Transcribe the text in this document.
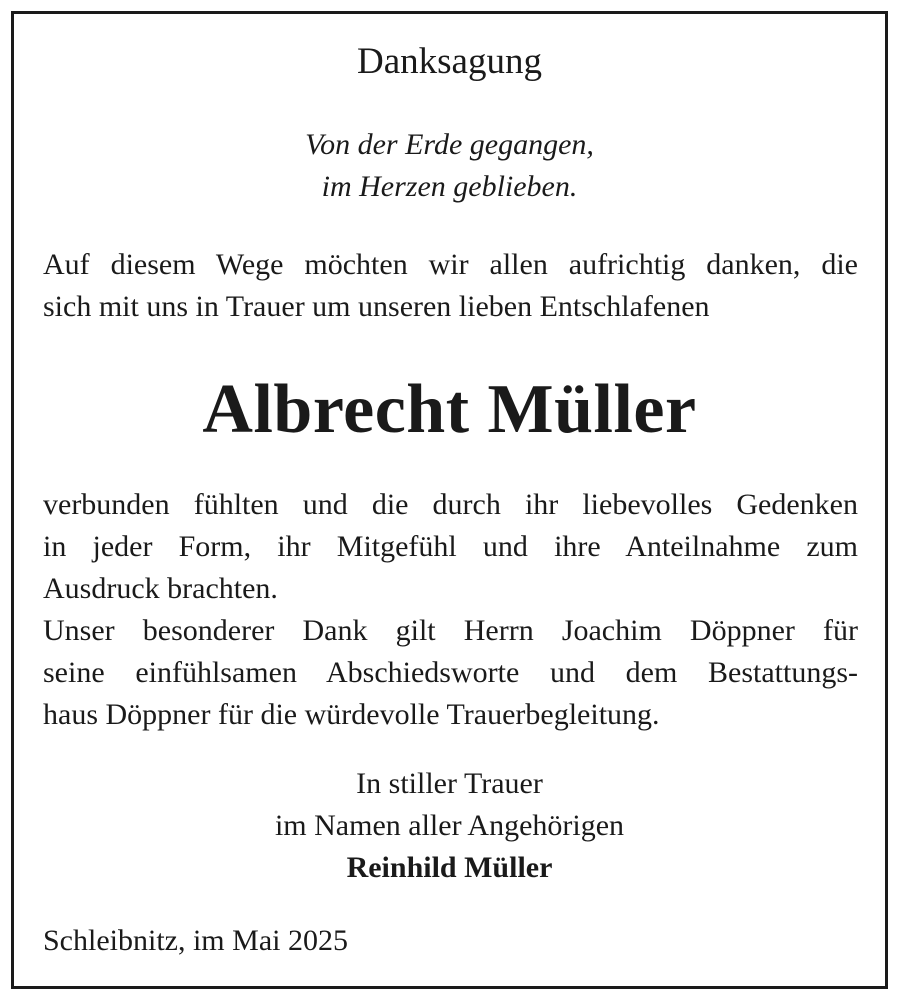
Danksagung
Von der Erde gegangen,
im Herzen geblieben.
Auf diesem Wege möchten wir allen aufrichtig danken, die
sich mit uns in Trauer um unseren lieben Entschlafenen
Albrecht Müller
verbunden fühlten und die durch ihr liebevolles Gedenken
in jeder Form, ihr Mitgefühl und ihre Anteilnahme zum
Ausdruck brachten.
Unser besonderer Dank gilt Herrn Joachim Döppner für
seine einfühlsamen Abschiedsworte und dem Bestattungs-
haus Döppner für die würdevolle Trauerbegleitung.
In stiller Trauer
im Namen aller Angehörigen
Reinhild Müller
Schleibnitz, im Mai 2025
